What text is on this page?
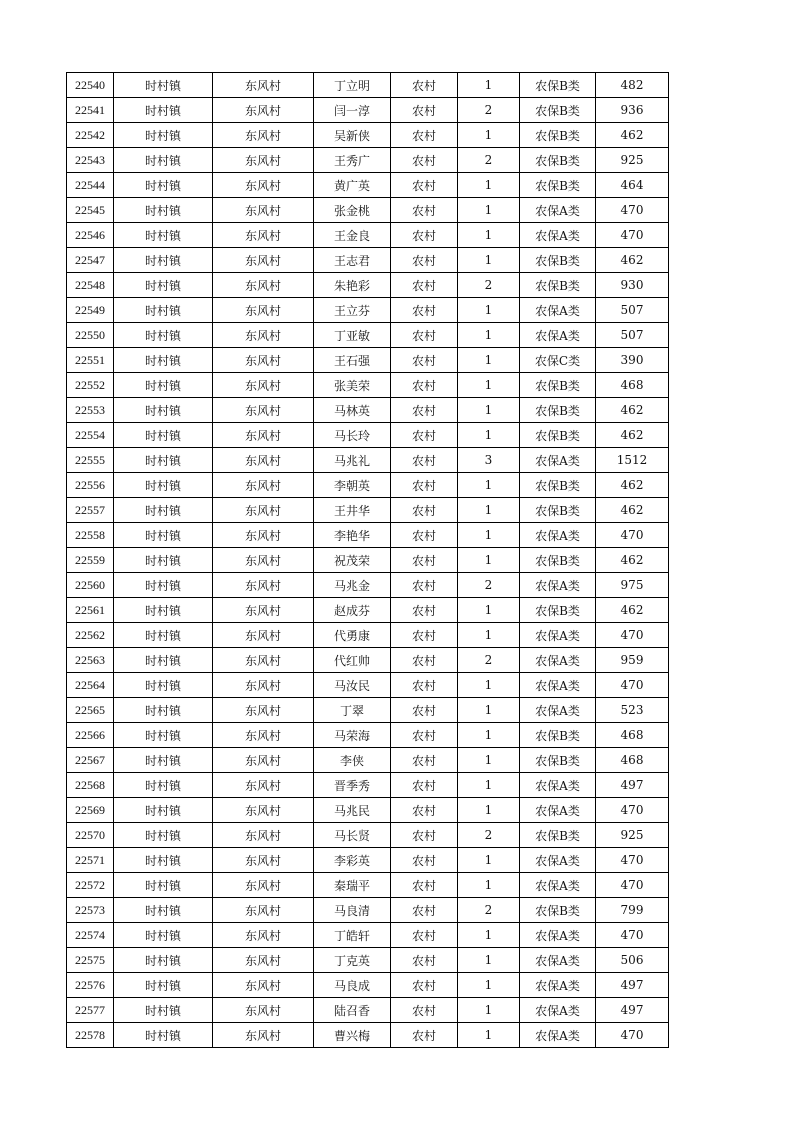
22540	时村镇	东风村	丁立明	农村	1	农保B类	482
22541	时村镇	东风村	闫一淳	农村	2	农保B类	936
22542	时村镇	东风村	吴新侠	农村	1	农保B类	462
22543	时村镇	东风村	王秀广	农村	2	农保B类	925
22544	时村镇	东风村	黄广英	农村	1	农保B类	464
22545	时村镇	东风村	张金桃	农村	1	农保A类	470
22546	时村镇	东风村	王金良	农村	1	农保A类	470
22547	时村镇	东风村	王志君	农村	1	农保B类	462
22548	时村镇	东风村	朱艳彩	农村	2	农保B类	930
22549	时村镇	东风村	王立芬	农村	1	农保A类	507
22550	时村镇	东风村	丁亚敏	农村	1	农保A类	507
22551	时村镇	东风村	王石强	农村	1	农保C类	390
22552	时村镇	东风村	张美荣	农村	1	农保B类	468
22553	时村镇	东风村	马林英	农村	1	农保B类	462
22554	时村镇	东风村	马长玲	农村	1	农保B类	462
22555	时村镇	东风村	马兆礼	农村	3	农保A类	1512
22556	时村镇	东风村	李朝英	农村	1	农保B类	462
22557	时村镇	东风村	王井华	农村	1	农保B类	462
22558	时村镇	东风村	李艳华	农村	1	农保A类	470
22559	时村镇	东风村	祝茂荣	农村	1	农保B类	462
22560	时村镇	东风村	马兆金	农村	2	农保A类	975
22561	时村镇	东风村	赵成芬	农村	1	农保B类	462
22562	时村镇	东风村	代勇康	农村	1	农保A类	470
22563	时村镇	东风村	代红帅	农村	2	农保A类	959
22564	时村镇	东风村	马汝民	农村	1	农保A类	470
22565	时村镇	东风村	丁翠	农村	1	农保A类	523
22566	时村镇	东风村	马荣海	农村	1	农保B类	468
22567	时村镇	东风村	李侠	农村	1	农保B类	468
22568	时村镇	东风村	晋季秀	农村	1	农保A类	497
22569	时村镇	东风村	马兆民	农村	1	农保A类	470
22570	时村镇	东风村	马长贤	农村	2	农保B类	925
22571	时村镇	东风村	李彩英	农村	1	农保A类	470
22572	时村镇	东风村	秦瑞平	农村	1	农保A类	470
22573	时村镇	东风村	马良清	农村	2	农保B类	799
22574	时村镇	东风村	丁皓轩	农村	1	农保A类	470
22575	时村镇	东风村	丁克英	农村	1	农保A类	506
22576	时村镇	东风村	马良成	农村	1	农保A类	497
22577	时村镇	东风村	陆召香	农村	1	农保A类	497
22578	时村镇	东风村	曹兴梅	农村	1	农保A类	470
